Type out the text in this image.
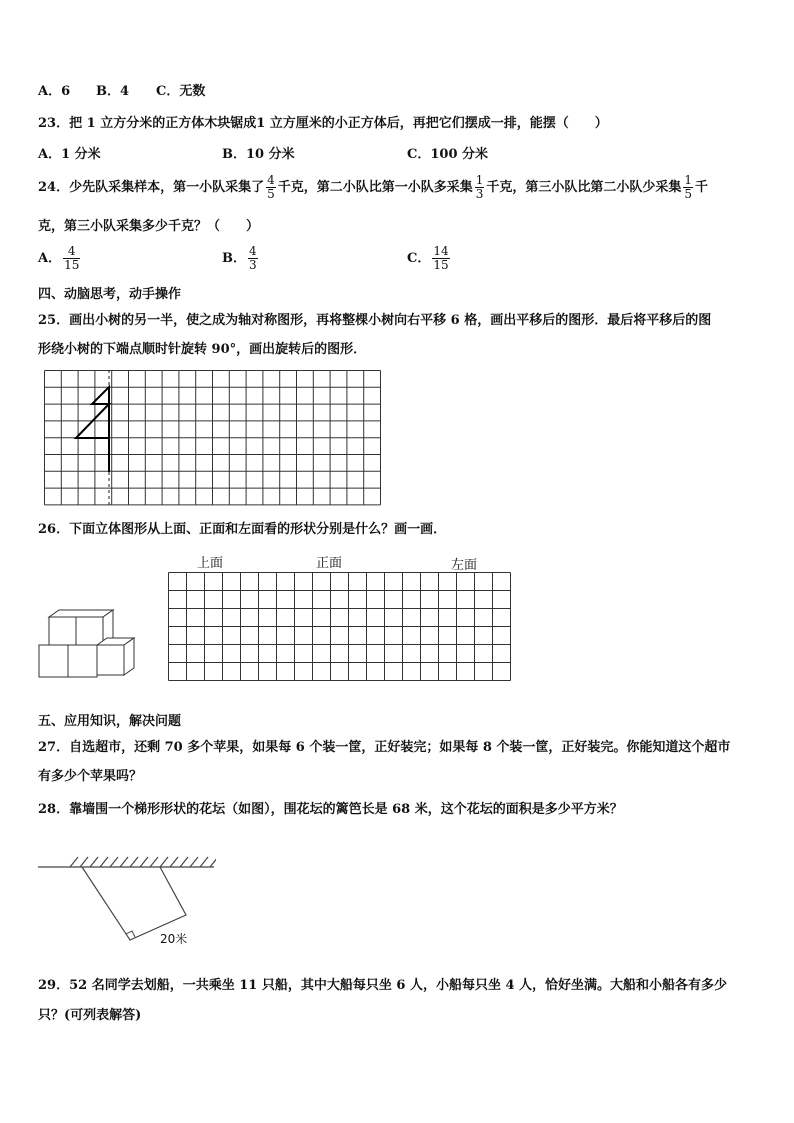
A．6 B．4 C．无数
23．把 1 立方分米的正方体木块锯成1 立方厘米的小正方体后，再把它们摆成一排，能摆（　　）
A．1 分米	B．10 分米	C．100 分米
24．少先队采集样本，第一小队采集了 $\frac{4}{5}$ 千克，第二小队比第一小队多采集 $\frac{1}{3}$ 千克，第三小队比第二小队少采集 $\frac{1}{5}$ 千
克，第三小队采集多少千克？（　　）
A． $\frac{4}{15}$	B． $\frac{4}{3}$	C． $\frac{14}{15}$
四、动脑思考，动手操作
25．画出小树的另一半，使之成为轴对称图形，再将整棵小树向右平移 6 格，画出平移后的图形．最后将平移后的图
形绕小树的下端点顺时针旋转 90°，画出旋转后的图形．
26．下面立体图形从上面、正面和左面看的形状分别是什么？画一画．
上面	正面	左面
五、应用知识，解决问题
27．自选超市，还剩 70 多个苹果，如果每 6 个装一筐，正好装完；如果每 8 个装一筐，正好装完。你能知道这个超市
有多少个苹果吗？
28．靠墙围一个梯形形状的花坛（如图），围花坛的篱笆长是 68 米，这个花坛的面积是多少平方米？
20米
29．52 名同学去划船，一共乘坐 11 只船，其中大船每只坐 6 人，小船每只坐 4 人，恰好坐满。大船和小船各有多少
只？(可列表解答)
